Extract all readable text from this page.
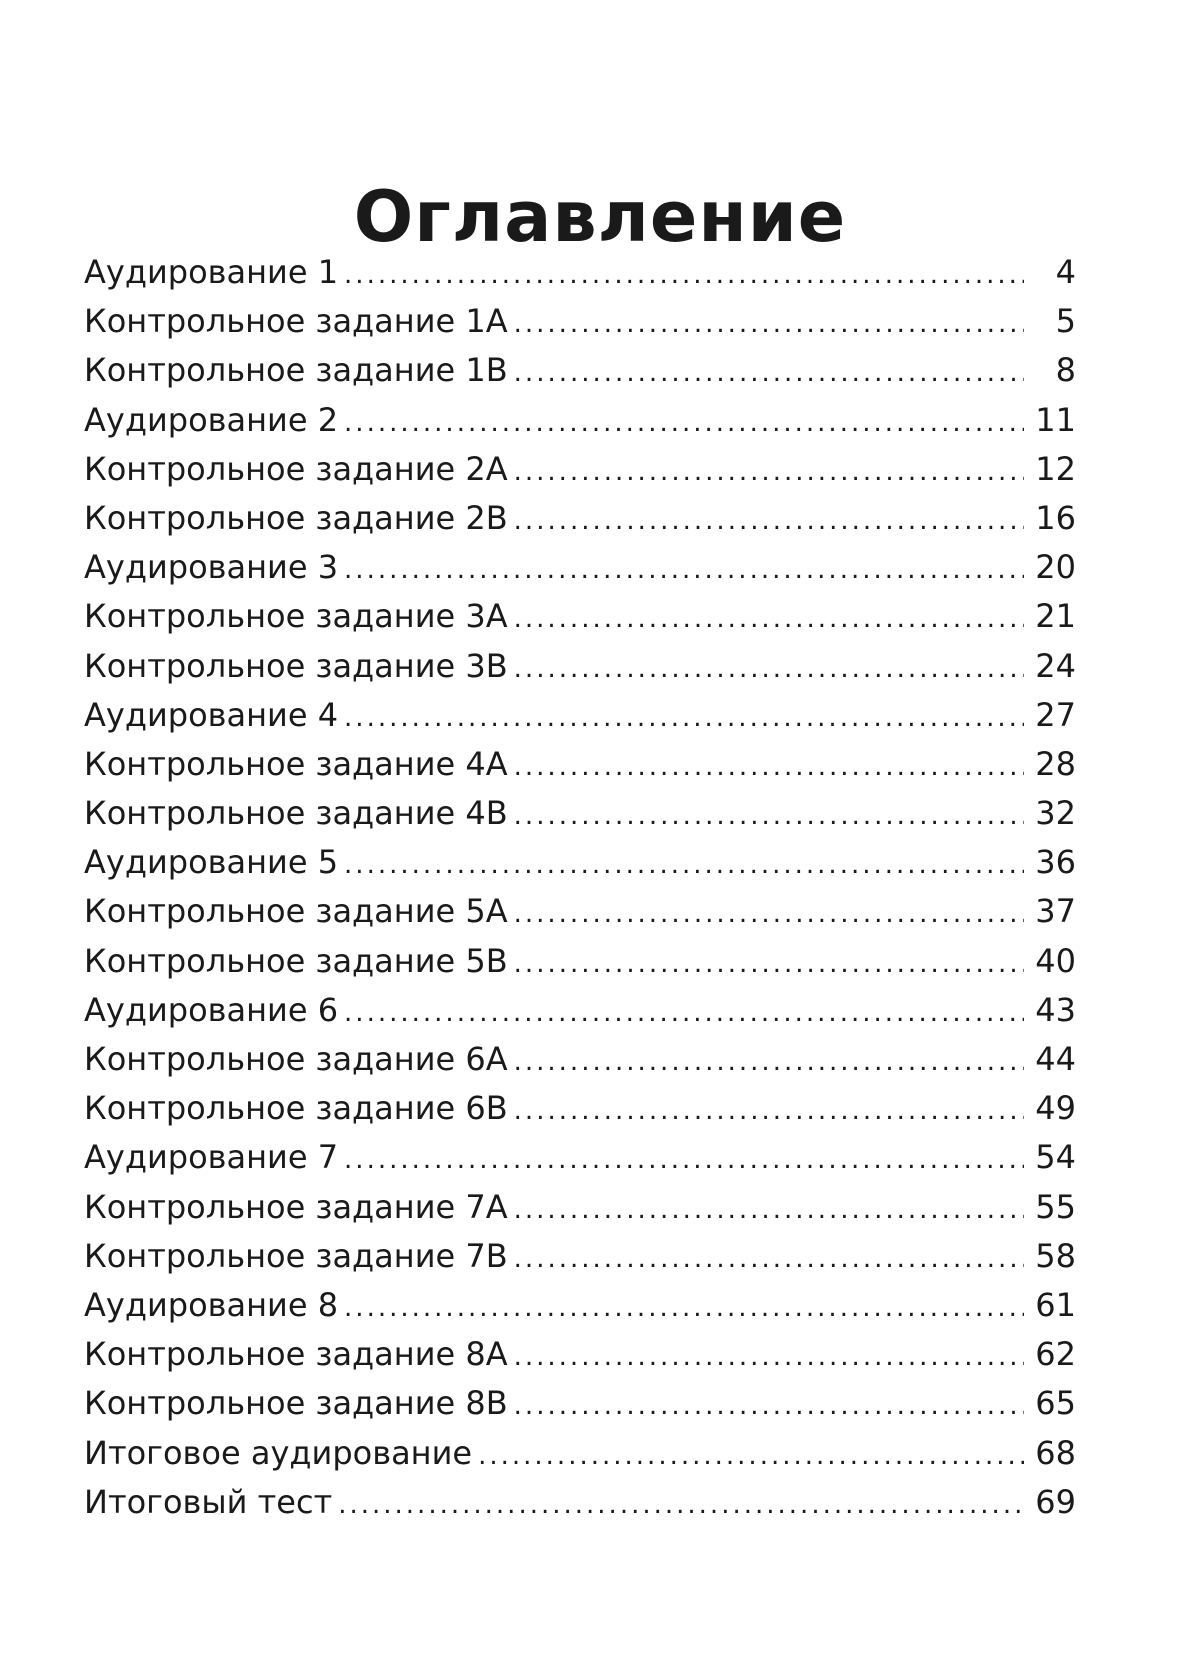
Оглавление
Аудирование 1 .....	4
Контрольное задание 1А .....	5
Контрольное задание 1В .....	8
Аудирование 2 .....	11
Контрольное задание 2А .....	12
Контрольное задание 2В .....	16
Аудирование 3 .....	20
Контрольное задание 3А .....	21
Контрольное задание 3В .....	24
Аудирование 4 .....	27
Контрольное задание 4А .....	28
Контрольное задание 4В .....	32
Аудирование 5 .....	36
Контрольное задание 5А .....	37
Контрольное задание 5В .....	40
Аудирование 6 .....	43
Контрольное задание 6А .....	44
Контрольное задание 6В .....	49
Аудирование 7 .....	54
Контрольное задание 7А .....	55
Контрольное задание 7В .....	58
Аудирование 8 .....	61
Контрольное задание 8А .....	62
Контрольное задание 8В .....	65
Итоговое аудирование .....	68
Итоговый тест .....	69
